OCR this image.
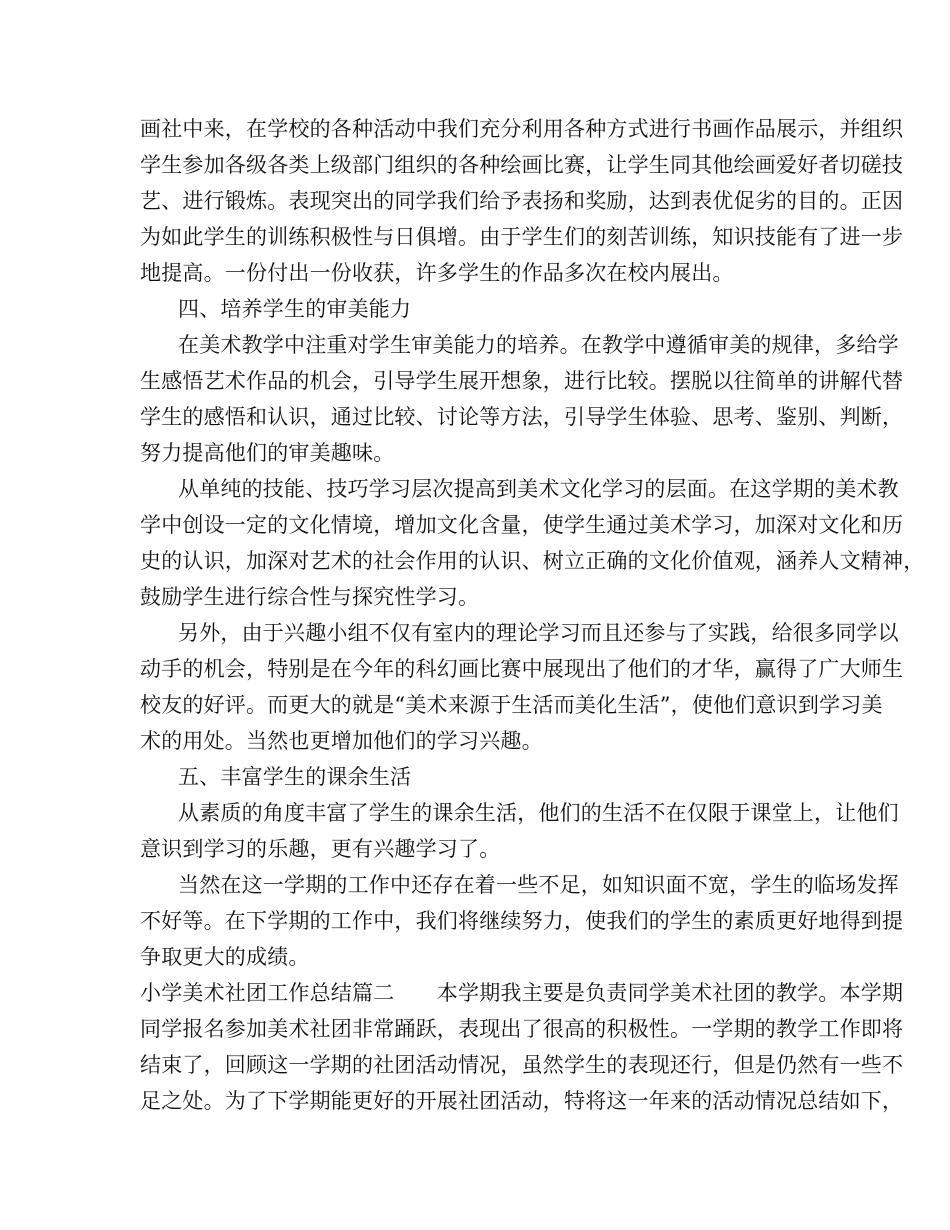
画社中来，在学校的各种活动中我们充分利用各种方式进行书画作品展示，并组织
学生参加各级各类上级部门组织的各种绘画比赛，让学生同其他绘画爱好者切磋技
艺、进行锻炼。表现突出的同学我们给予表扬和奖励，达到表优促劣的目的。正因
为如此学生的训练积极性与日俱增。由于学生们的刻苦训练，知识技能有了进一步
地提高。一份付出一份收获，许多学生的作品多次在校内展出。
四、培养学生的审美能力
在美术教学中注重对学生审美能力的培养。在教学中遵循审美的规律，多给学
生感悟艺术作品的机会，引导学生展开想象，进行比较。摆脱以往简单的讲解代替
学生的感悟和认识，通过比较、讨论等方法，引导学生体验、思考、鉴别、判断，
努力提高他们的审美趣味。
从单纯的技能、技巧学习层次提高到美术文化学习的层面。在这学期的美术教
学中创设一定的文化情境，增加文化含量，使学生通过美术学习，加深对文化和历
史的认识，加深对艺术的社会作用的认识、树立正确的文化价值观，涵养人文精神，
鼓励学生进行综合性与探究性学习。
另外，由于兴趣小组不仅有室内的理论学习而且还参与了实践，给很多同学以
动手的机会，特别是在今年的科幻画比赛中展现出了他们的才华，赢得了广大师生
校友的好评。而更大的就是“美术来源于生活而美化生活”，使他们意识到学习美
术的用处。当然也更增加他们的学习兴趣。
五、丰富学生的课余生活
从素质的角度丰富了学生的课余生活，他们的生活不在仅限于课堂上，让他们
意识到学习的乐趣，更有兴趣学习了。
当然在这一学期的工作中还存在着一些不足，如知识面不宽，学生的临场发挥
不好等。在下学期的工作中，我们将继续努力，使我们的学生的素质更好地得到提
争取更大的成绩。
小学美术社团工作总结篇二　　本学期我主要是负责同学美术社团的教学。本学期
同学报名参加美术社团非常踊跃，表现出了很高的积极性。一学期的教学工作即将
结束了，回顾这一学期的社团活动情况，虽然学生的表现还行，但是仍然有一些不
足之处。为了下学期能更好的开展社团活动，特将这一年来的活动情况总结如下，
